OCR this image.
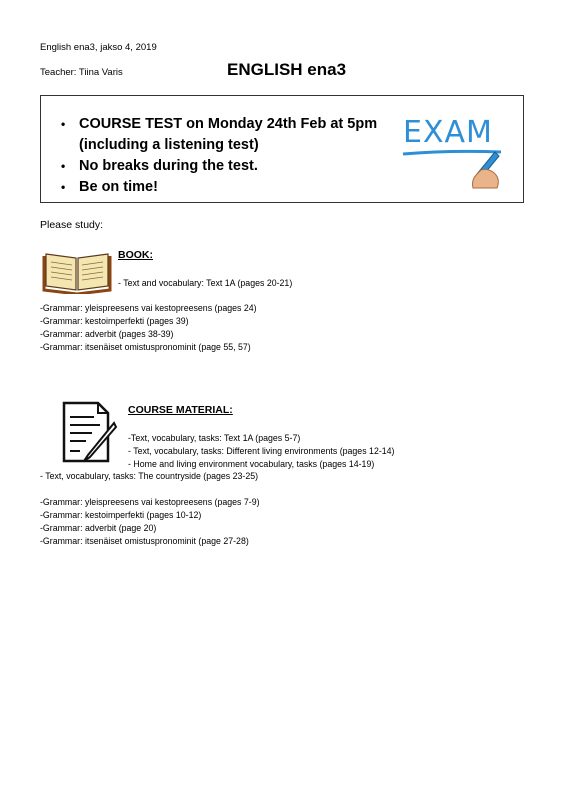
English ena3, jakso 4, 2019
Teacher: Tiina Varis	ENGLISH ena3
• COURSE TEST on Monday 24th Feb at 5pm
(including a listening test)
• No breaks during the test.
• Be on time!
EXAM
Please study:
BOOK:
- Text and vocabulary: Text 1A (pages 20-21)
-Grammar: yleispreesens vai kestopreesens (pages 24)
-Grammar: kestoimperfekti (pages 39)
-Grammar: adverbit (pages 38-39)
-Grammar: itsenäiset omistuspronominit (page 55, 57)
COURSE MATERIAL:
-Text, vocabulary, tasks: Text 1A (pages 5-7)
- Text, vocabulary, tasks: Different living environments (pages 12-14)
- Home and living environment vocabulary, tasks (pages 14-19)
- Text, vocabulary, tasks: The countryside (pages 23-25)
-Grammar: yleispreesens vai kestopreesens (pages 7-9)
-Grammar: kestoimperfekti (pages 10-12)
-Grammar: adverbit (page 20)
-Grammar: itsenäiset omistuspronominit (page 27-28)
